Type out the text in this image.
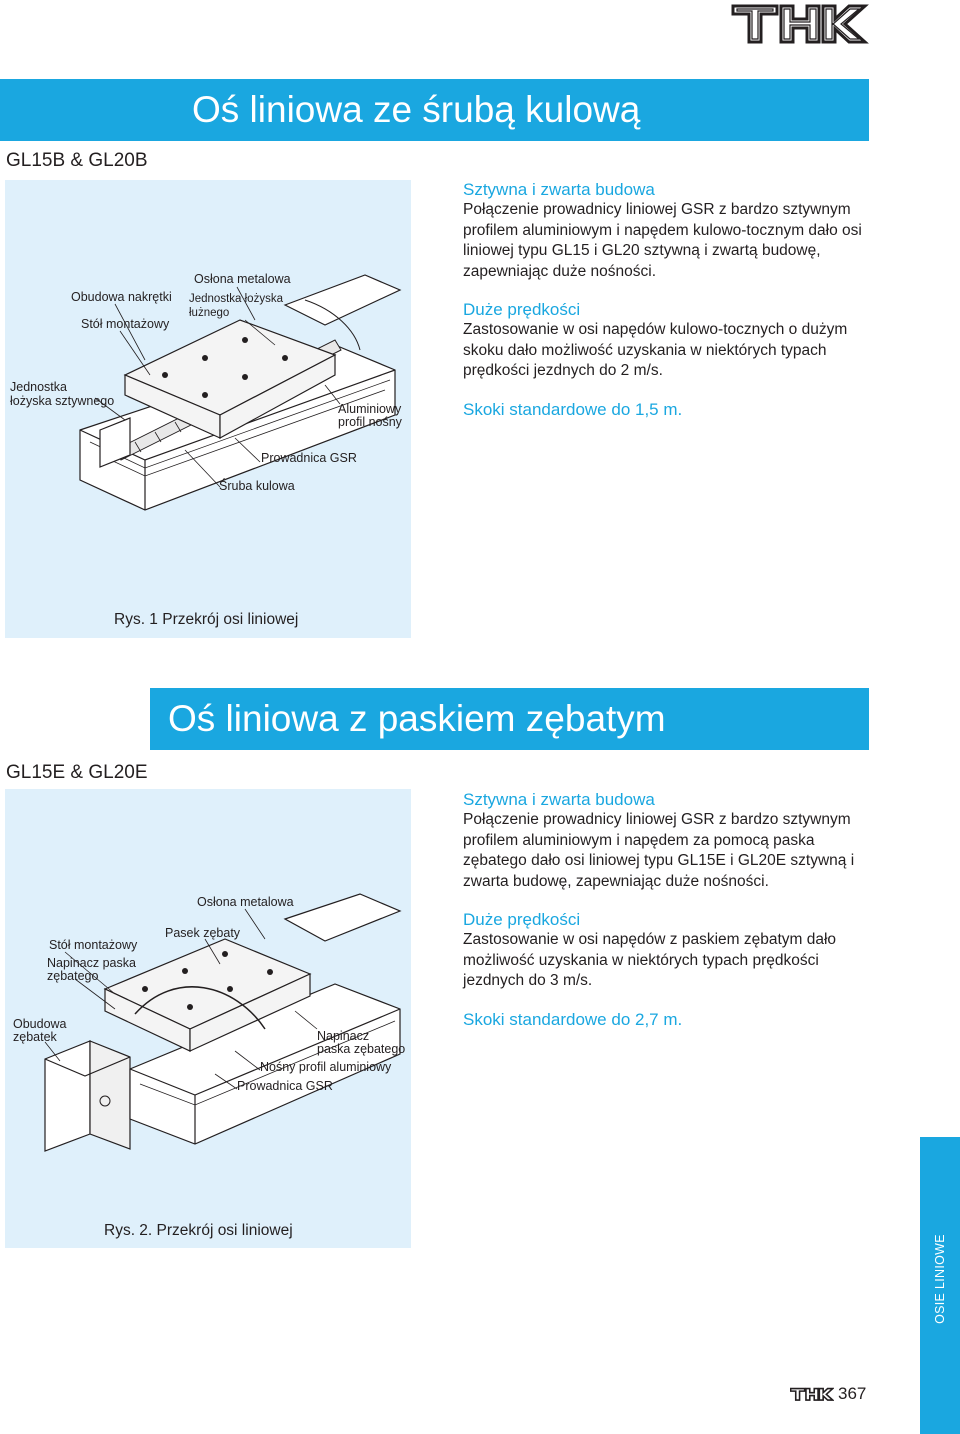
Oś liniowa ze śrubą kulową
GL15B & GL20B
Osłona metalowa
Obudowa nakrętki Jednostka łożyska
łużnego
Stół montażowy
Jednostka
łożyska sztywnego
Aluminiowy
profil nośny
Prowadnica GSR
Śruba kulowa
Rys. 1 Przekrój osi liniowej
Sztywna i zwarta budowa

Połączenie prowadnicy liniowej GSR z bardzo sztywnym profilem aluminiowym i napędem kulowo-tocznym dało osi liniowej typu GL15 i GL20 sztywną i zwartą budowę, zapewniając duże nośności.

Duże prędkości

Zastosowanie w osi napędów kulowo-tocznych o dużym skoku dało możliwość uzyskania w niektórych typach prędkości jezdnych do 2 m/s.

Skoki standardowe do 1,5 m.
Oś liniowa z paskiem zębatym
GL15E & GL20E
Osłona metalowa
Pasek zębaty
Stół montażowy
Napinacz paska
zębatego
Obudowa
zębatek	Napinacz
paska zębatego
Nośny profil aluminiowy
Prowadnica GSR
Rys. 2. Przekrój osi liniowej
Sztywna i zwarta budowa

Połączenie prowadnicy liniowej GSR z bardzo sztywnym profilem aluminiowym i napędem za pomocą paska zębatego dało osi liniowej typu GL15E i GL20E sztywną i zwarta budowę, zapewniając duże nośności.

Duże prędkości

Zastosowanie w osi napędów z paskiem zębatym dało możliwość uzyskania w niektórych typach prędkości jezdnych do 3 m/s.

Skoki standardowe do 2,7 m.
OSIE LINIOWE
367
